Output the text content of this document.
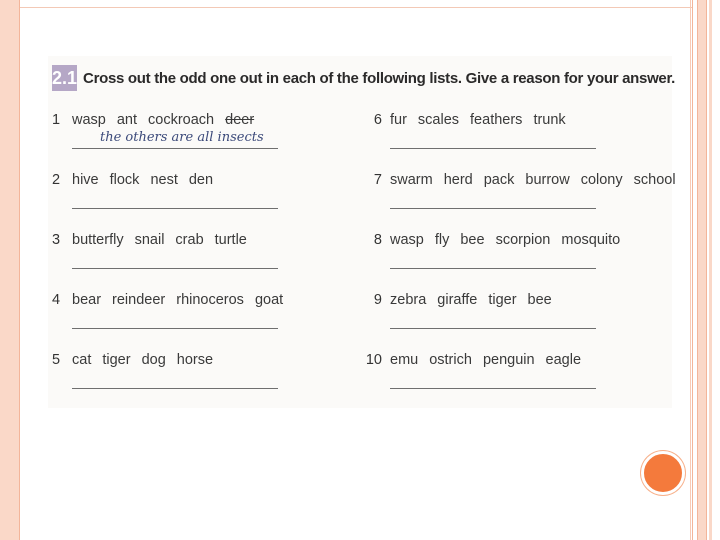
2.1 Cross out the odd one out in each of the following lists. Give a reason for your answer.
1 wasp ant cockroach deer
the others are all insects
2 hive flock nest den
3 butterfly snail crab turtle
4 bear reindeer rhinoceros goat
5 cat tiger dog horse
6 fur scales feathers trunk
7 swarm herd pack burrow colony school
8 wasp fly bee scorpion mosquito
9 zebra giraffe tiger bee
10 emu ostrich penguin eagle
